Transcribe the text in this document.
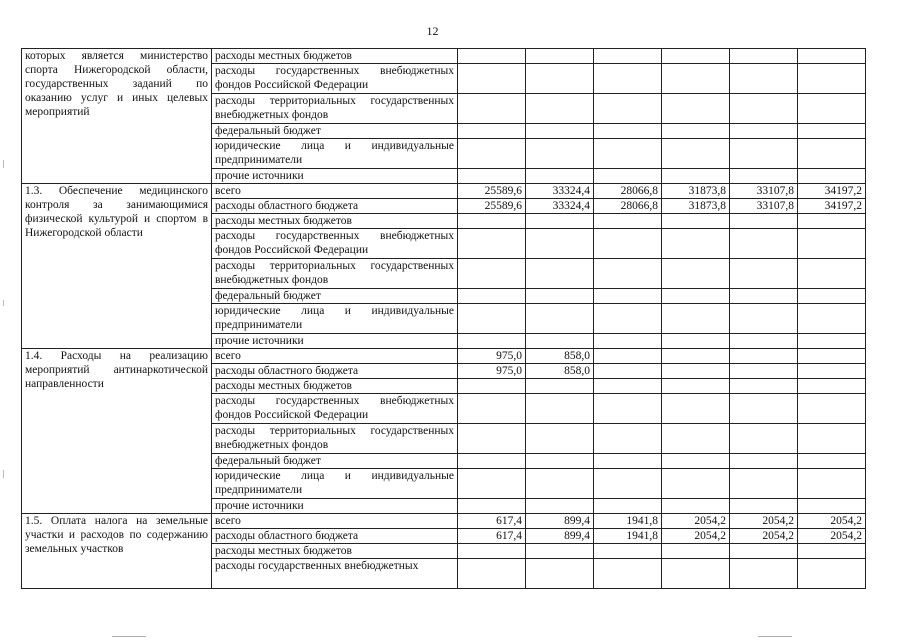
12
которых является министерство спорта Нижегородской области, государственных заданий по оказанию услуг и иных целевых мероприятий	расходы местных бюджетов						
	расходы государственных внебюджетных фондов Российской Федерации						
	расходы территориальных государственных внебюджетных фондов						
	федеральный бюджет						
	юридические лица и индивидуальные предприниматели						
	прочие источники						
1.3. Обеспечение медицинского контроля за занимающимися физической культурой и спортом в Нижегородской области	всего	25589,6	33324,4	28066,8	31873,8	33107,8	34197,2
	расходы областного бюджета	25589,6	33324,4	28066,8	31873,8	33107,8	34197,2
	расходы местных бюджетов						
	расходы государственных внебюджетных фондов Российской Федерации						
	расходы территориальных государственных внебюджетных фондов						
	федеральный бюджет						
	юридические лица и индивидуальные предприниматели						
	прочие источники						
1.4. Расходы на реализацию мероприятий антинаркотической направленности	всего	975,0	858,0				
	расходы областного бюджета	975,0	858,0				
	расходы местных бюджетов						
	расходы государственных внебюджетных фондов Российской Федерации						
	расходы территориальных государственных внебюджетных фондов						
	федеральный бюджет						
	юридические лица и индивидуальные предприниматели						
	прочие источники						
1.5. Оплата налога на земельные участки и расходов по содержанию земельных участков	всего	617,4	899,4	1941,8	2054,2	2054,2	2054,2
	расходы областного бюджета	617,4	899,4	1941,8	2054,2	2054,2	2054,2
	расходы местных бюджетов						
	расходы государственных внебюджетных						
